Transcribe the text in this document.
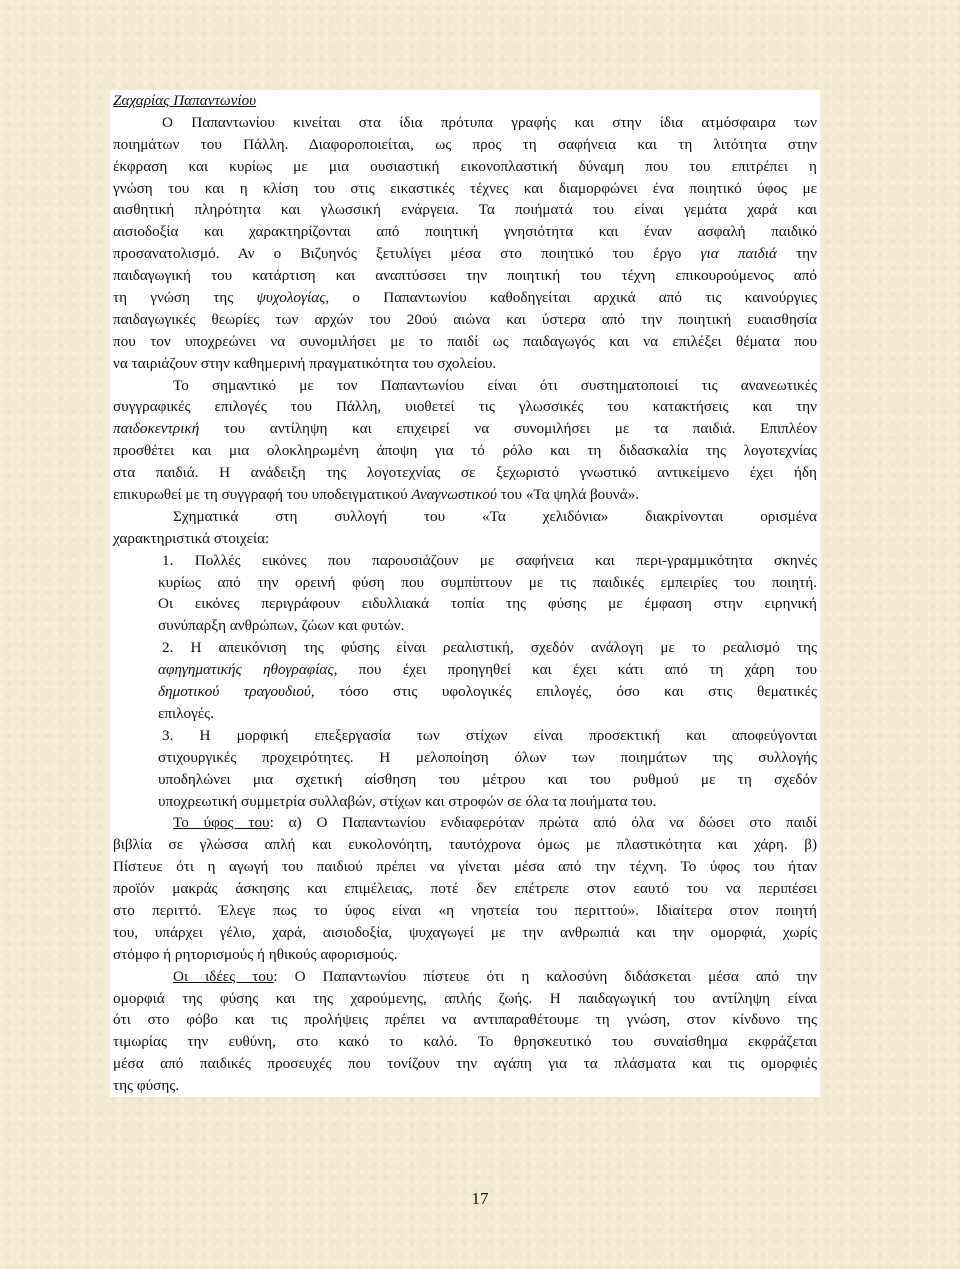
Ζαχαρίας Παπαντωνίου
Ο Παπαντωνίου κινείται στα ίδια πρότυπα γραφής και στην ίδια ατμόσφαιρα των
ποιημάτων του Πάλλη. Διαφοροποιείται, ως προς τη σαφήνεια και τη λιτότητα στην
έκφραση και κυρίως με μια ουσιαστική εικονοπλαστική δύναμη που του επιτρέπει η
γνώση του και η κλίση του στις εικαστικές τέχνες και διαμορφώνει ένα ποιητικό ύφος με
αισθητική πληρότητα και γλωσσική ενάργεια. Τα ποιήματά του είναι γεμάτα χαρά και
αισιοδοξία και χαρακτηρίζονται από ποιητική γνησιότητα και έναν ασφαλή παιδικό
προσανατολισμό. Αν ο Βιζυηνός ξετυλίγει μέσα στο ποιητικό του έργο για παιδιά την
παιδαγωγική του κατάρτιση και αναπτύσσει την ποιητική του τέχνη επικουρούμενος από
τη γνώση της ψυχολογίας, ο Παπαντωνίου καθοδηγείται αρχικά από τις καινούργιες
παιδαγωγικές θεωρίες των αρχών του 20ού αιώνα και ύστερα από την ποιητική ευαισθησία
που τον υποχρεώνει να συνομιλήσει με το παιδί ως παιδαγωγός και να επιλέξει θέματα που
να ταιριάζουν στην καθημερινή πραγματικότητα του σχολείου.
Το σημαντικό με τον Παπαντωνίου είναι ότι συστηματοποιεί τις ανανεωτικές
συγγραφικές επιλογές του Πάλλη, υιοθετεί τις γλωσσικές του κατακτήσεις και την
παιδοκεντρική του αντίληψη και επιχειρεί να συνομιλήσει με τα παιδιά. Επιπλέον
προσθέτει και μια ολοκληρωμένη άποψη για τό ρόλο και τη διδασκαλία της λογοτεχνίας
στα παιδιά. Η ανάδειξη της λογοτεχνίας σε ξεχωριστό γνωστικό αντικείμενο έχει ήδη
επικυρωθεί με τη συγγραφή του υποδειγματικού Αναγνωστικού του «Τα ψηλά βουνά».
Σχηματικά στη συλλογή του «Τα χελιδόνια» διακρίνονται ορισμένα
χαρακτηριστικά στοιχεία:
1. Πολλές εικόνες που παρουσιάζουν με σαφήνεια και περι-γραμμικότητα σκηνές
κυρίως από την ορεινή φύση που συμπίπτουν με τις παιδικές εμπειρίες του ποιητή.
Οι εικόνες περιγράφουν ειδυλλιακά τοπία της φύσης με έμφαση στην ειρηνική
συνύπαρξη ανθρώπων, ζώων και φυτών.
2. Η απεικόνιση της φύσης είναι ρεαλιστική, σχεδόν ανάλογη με το ρεαλισμό της
αφηγηματικής ηθογραφίας, που έχει προηγηθεί και έχει κάτι από τη χάρη του
δημοτικού τραγουδιού, τόσο στις υφολογικές επιλογές, όσο και στις θεματικές
επιλογές.
3. Η μορφική επεξεργασία των στίχων είναι προσεκτική και αποφεύγονται
στιχουργικές προχειρότητες. Η μελοποίηση όλων των ποιημάτων της συλλογής
υποδηλώνει μια σχετική αίσθηση του μέτρου και του ρυθμού με τη σχεδόν
υποχρεωτική συμμετρία συλλαβών, στίχων και στροφών σε όλα τα ποιήματα του.
Το ύφος του: α) Ο Παπαντωνίου ενδιαφερόταν πρώτα από όλα να δώσει στο παιδί
βιβλία σε γλώσσα απλή και ευκολονόητη, ταυτόχρονα όμως με πλαστικότητα και χάρη. β)
Πίστευε ότι η αγωγή του παιδιού πρέπει να γίνεται μέσα από την τέχνη. Το ύφος του ήταν
προϊόν μακράς άσκησης και επιμέλειας, ποτέ δεν επέτρεπε στον εαυτό του να περιπέσει
στο περιττό. Έλεγε πως το ύφος είναι «η νηστεία του περιττού». Ιδιαίτερα στον ποιητή
του, υπάρχει γέλιο, χαρά, αισιοδοξία, ψυχαγωγεί με την ανθρωπιά και την ομορφιά, χωρίς
στόμφο ή ρητορισμούς ή ηθικούς αφορισμούς.
Οι ιδέες του: Ο Παπαντωνίου πίστευε ότι η καλοσύνη διδάσκεται μέσα από την
ομορφιά της φύσης και της χαρούμενης, απλής ζωής. Η παιδαγωγική του αντίληψη είναι
ότι στο φόβο και τις προλήψεις πρέπει να αντιπαραθέτουμε τη γνώση, στον κίνδυνο της
τιμωρίας την ευθύνη, στο κακό το καλό. Το θρησκευτικό του συναίσθημα εκφράζεται
μέσα από παιδικές προσευχές που τονίζουν την αγάπη για τα πλάσματα και τις ομορφιές
της φύσης.
17
